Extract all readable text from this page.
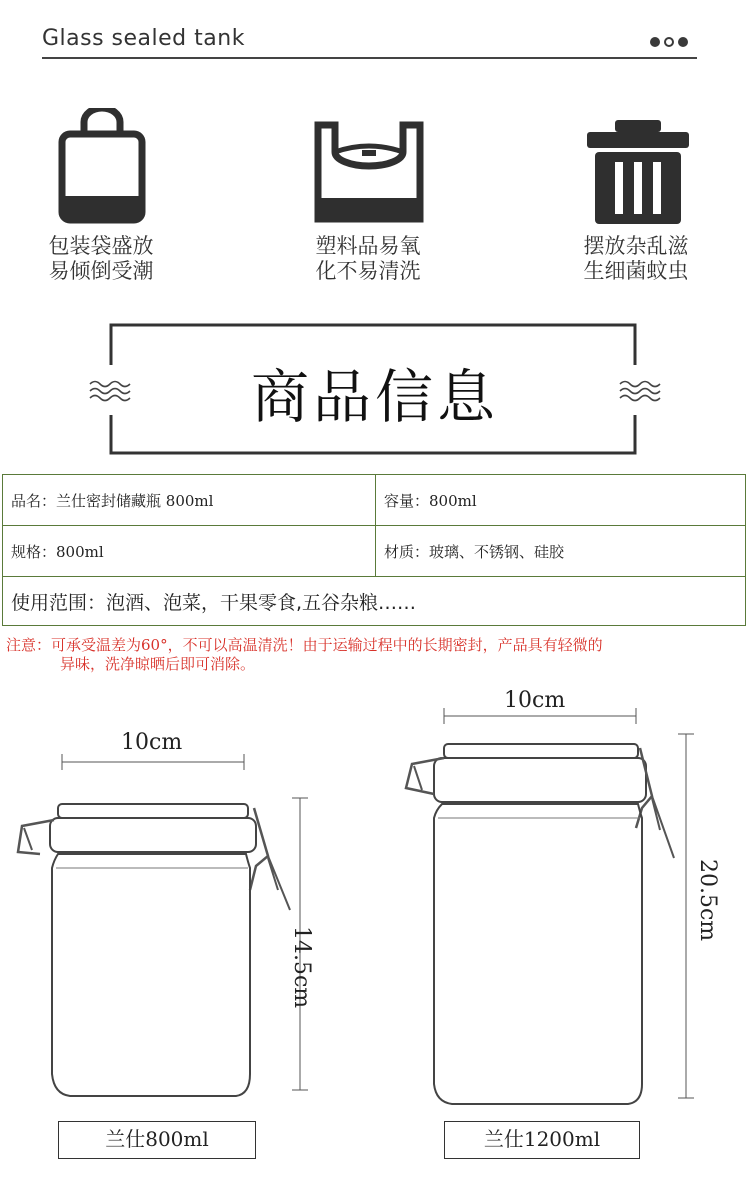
Glass sealed tank
包装袋盛放
易倾倒受潮
塑料品易氧
化不易清洗
摆放杂乱滋
生细菌蚊虫
商品信息
品名：兰仕密封储藏瓶 800ml	容量：800ml
规格：800ml	材质：玻璃、不锈钢、硅胶
使用范围：泡酒、泡菜，干果零食,五谷杂粮……	
注意：可承受温差为60°，不可以高温清洗！由于运输过程中的长期密封，产品具有轻微的
异味，洗净晾晒后即可消除。
10cm
14.5cm
兰仕800ml
10cm
20.5cm
兰仕1200ml
